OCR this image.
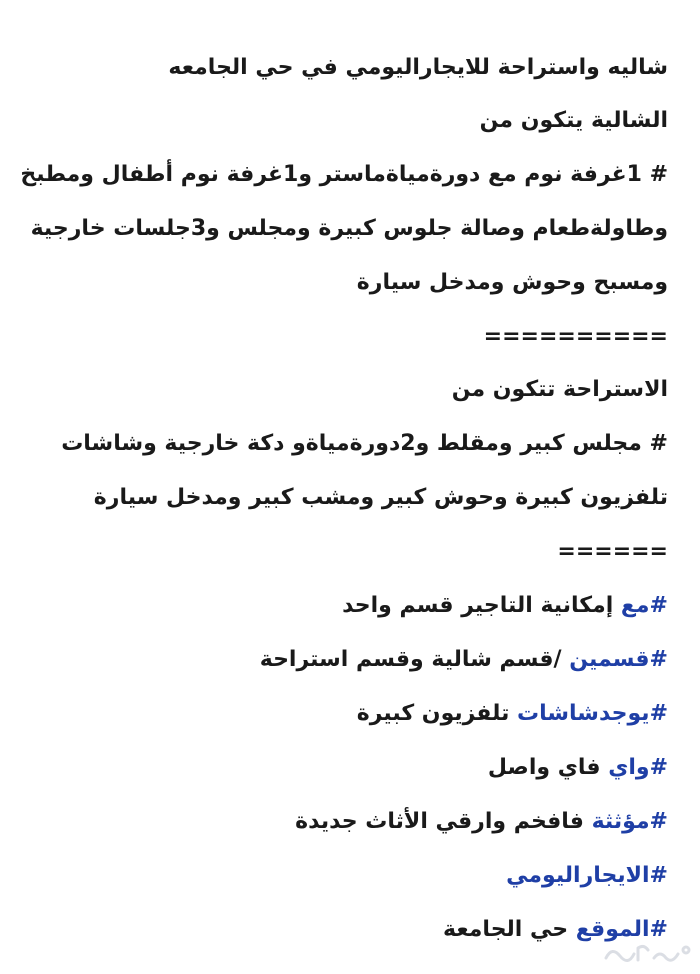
شاليه واستراحة للايجاراليومي في حي الجامعه
الشالية يتكون من
# 1غرفة نوم مع دورةمياةماستر و1غرفة نوم أطفال ومطبخ
وطاولةطعام وصالة جلوس كبيرة ومجلس و3جلسات خارجية
ومسبح وحوش ومدخل سيارة
==========
الاستراحة تتكون من
# مجلس كبير ومقلط و2دورةمياةو دكة خارجية وشاشات
تلفزيون كبيرة وحوش كبير ومشب كبير ومدخل سيارة
======
#مع إمكانية التاجير قسم واحد
#قسمين /قسم شالية وقسم استراحة
#يوجدشاشات تلفزيون كبيرة
#واي فاي واصل
#مؤثثة فافخم وارقي الأثاث جديدة
#الايجاراليومي
#الموقع حي الجامعة
